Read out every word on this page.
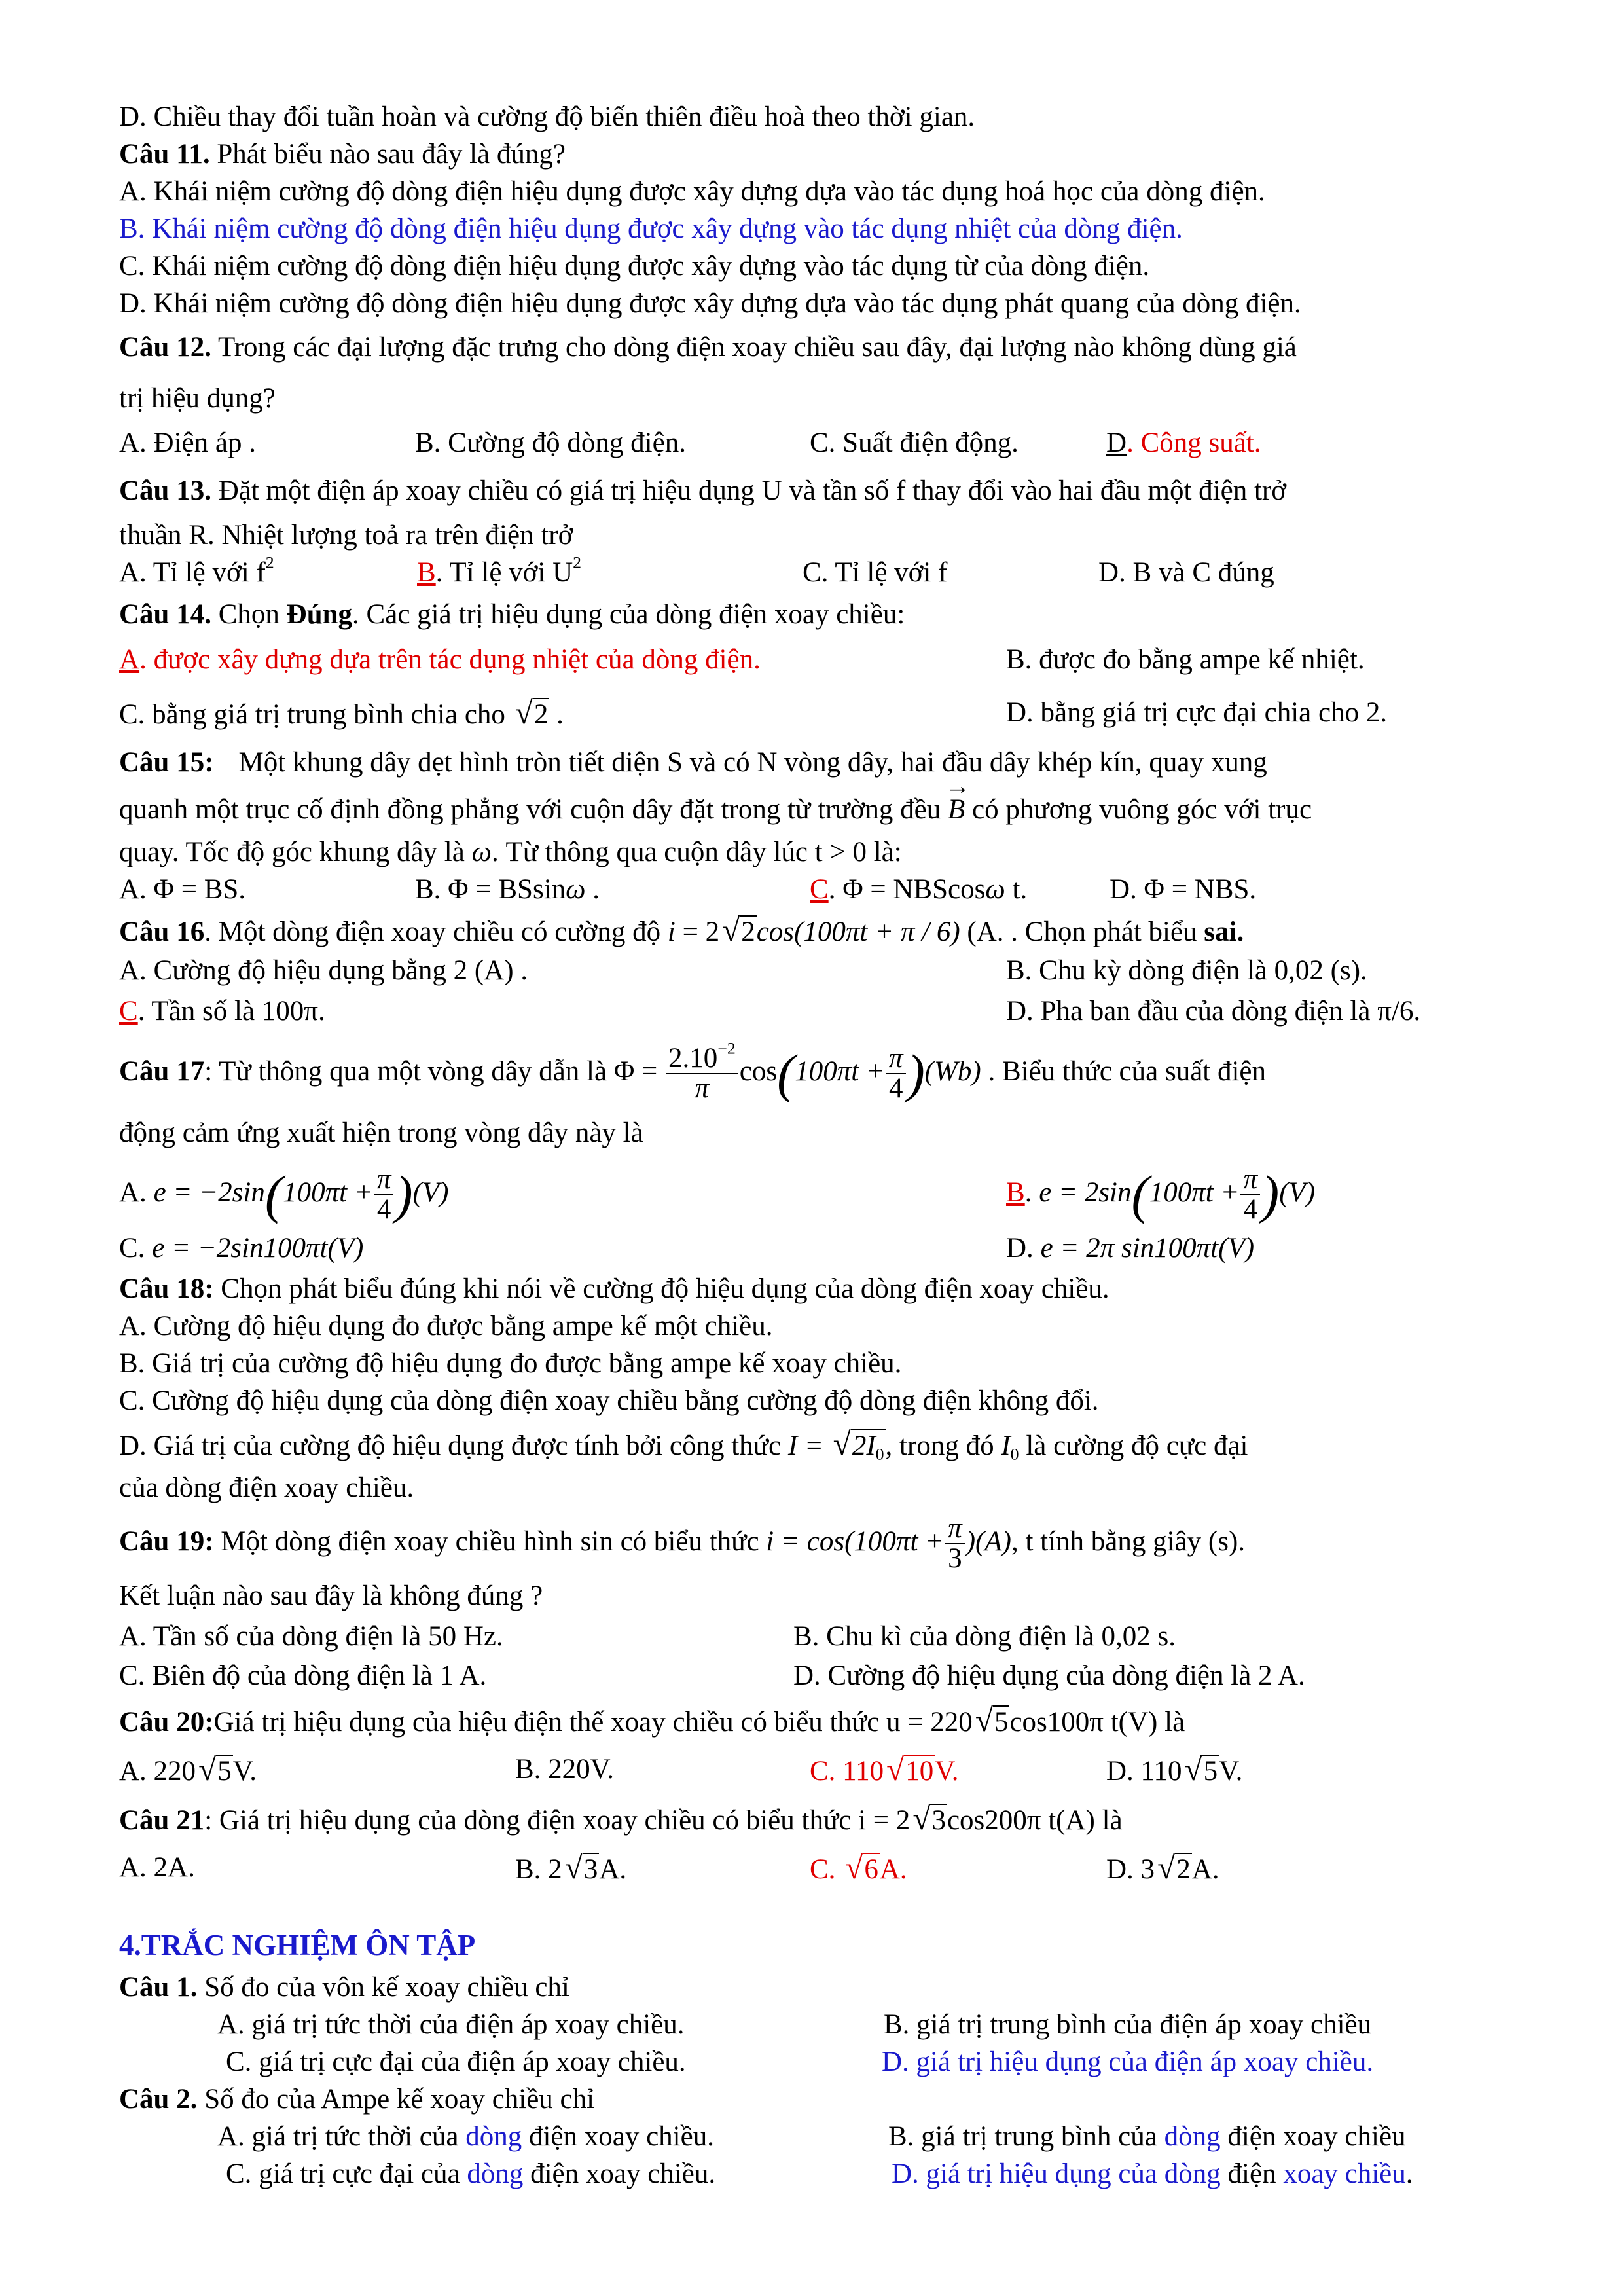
D. Chiều thay đổi tuần hoàn và cường độ biến thiên điều hoà theo thời gian.
Câu 11. Phát biểu nào sau đây là đúng?
A. Khái niệm cường độ dòng điện hiệu dụng được xây dựng dựa vào tác dụng hoá học của dòng điện.
B. Khái niệm cường độ dòng điện hiệu dụng được xây dựng vào tác dụng nhiệt của dòng điện.
C. Khái niệm cường độ dòng điện hiệu dụng được xây dựng vào tác dụng từ của dòng điện.
D. Khái niệm cường độ dòng điện hiệu dụng được xây dựng dựa vào tác dụng phát quang của dòng điện.
Câu 12. Trong các đại lượng đặc trưng cho dòng điện xoay chiều sau đây, đại lượng nào không dùng giá
trị hiệu dụng?
A. Điện áp .	B. Cường độ dòng điện.	C. Suất điện động.	D. Công suất.
Câu 13. Đặt một điện áp xoay chiều có giá trị hiệu dụng U và tần số f thay đổi vào hai đầu một điện trở
thuần R. Nhiệt lượng toả ra trên điện trở
A. Tỉ lệ với $f^2$	B. Tỉ lệ với $U^2$	C. Tỉ lệ với f	D. B và C đúng
Câu 14. Chọn Đúng. Các giá trị hiệu dụng của dòng điện xoay chiều:
A. được xây dựng dựa trên tác dụng nhiệt của dòng điện.	B. được đo bằng ampe kế nhiệt.
C. bằng giá trị trung bình chia cho √2 .	D. bằng giá trị cực đại chia cho 2.
Câu 15: Một khung dây dẹt hình tròn tiết diện S và có N vòng dây, hai đầu dây khép kín, quay xung
quanh một trục cố định đồng phẳng với cuộn dây đặt trong từ trường đều → B có phương vuông góc với trục
quay. Tốc độ góc khung dây là ω. Từ thông qua cuộn dây lúc t > 0 là:
A. Φ = BS.	B. Φ = BSsinω .	C. Φ = NBScosω t.	D. Φ = NBS.
Câu 16. Một dòng điện xoay chiều có cường độ i = 2√2cos(100πt + π / 6) (A. . Chọn phát biểu sai.
A. Cường độ hiệu dụng bằng 2 (A) .	B. Chu kỳ dòng điện là 0,02 (s).
C. Tần số là 100π.	D. Pha ban đầu của dòng điện là π/6.
Câu 17: Từ thông qua một vòng dây dẫn là $\Phi = \frac{2.10^{-2}}{\pi} \cos(100\pi t + \frac{\pi}{4} )(Wb)$ . Biểu thức của suất điện
động cảm ứng xuất hiện trong vòng dây này là
A. $e = -2\sin(100\pi t + \frac{\pi}{4} )(V)$	B. $e = 2\sin(100\pi t + \frac{\pi}{4} )(V)$
C. e = −2sin100πt(V)	D. e = 2π sin100πt(V)
Câu 18: Chọn phát biểu đúng khi nói về cường độ hiệu dụng của dòng điện xoay chiều.
A. Cường độ hiệu dụng đo được bằng ampe kế một chiều.
B. Giá trị của cường độ hiệu dụng đo được bằng ampe kế xoay chiều.
C. Cường độ hiệu dụng của dòng điện xoay chiều bằng cường độ dòng điện không đổi.
D. Giá trị của cường độ hiệu dụng được tính bởi công thức $I = √2I_0$, trong đó $I_0$ là cường độ cực đại
của dòng điện xoay chiều.
Câu 19: Một dòng điện xoay chiều hình sin có biểu thức $i = \cos(100\pi t + \frac{\pi}{3} )(A)$, t tính bằng giây (s).
Kết luận nào sau đây là không đúng ?
A. Tần số của dòng điện là 50 Hz.	B. Chu kì của dòng điện là 0,02 s.
C. Biên độ của dòng điện là 1 A.	D. Cường độ hiệu dụng của dòng điện là 2 A.
Câu 20:Giá trị hiệu dụng của hiệu điện thế xoay chiều có biểu thức u = 220√5cos100π t(V) là
A. 220√5V.	B. 220V.	C. 110√10V.	D. 110√5V.
Câu 21: Giá trị hiệu dụng của dòng điện xoay chiều có biểu thức i = 2√3cos200π t(A) là
A. 2A.	B. 2√3A.	C. √6A.	D. 3√2A.
4.TRẮC NGHIỆM ÔN TẬP
Câu 1. Số đo của vôn kế xoay chiều chỉ
A. giá trị tức thời của điện áp xoay chiều.	B. giá trị trung bình của điện áp xoay chiều
C. giá trị cực đại của điện áp xoay chiều.	D. giá trị hiệu dụng của điện áp xoay chiều.
Câu 2. Số đo của Ampe kế xoay chiều chỉ
A. giá trị tức thời của dòng điện xoay chiều.	B. giá trị trung bình của dòng điện xoay chiều
C. giá trị cực đại của dòng điện xoay chiều.	D. giá trị hiệu dụng của dòng điện xoay chiều.
